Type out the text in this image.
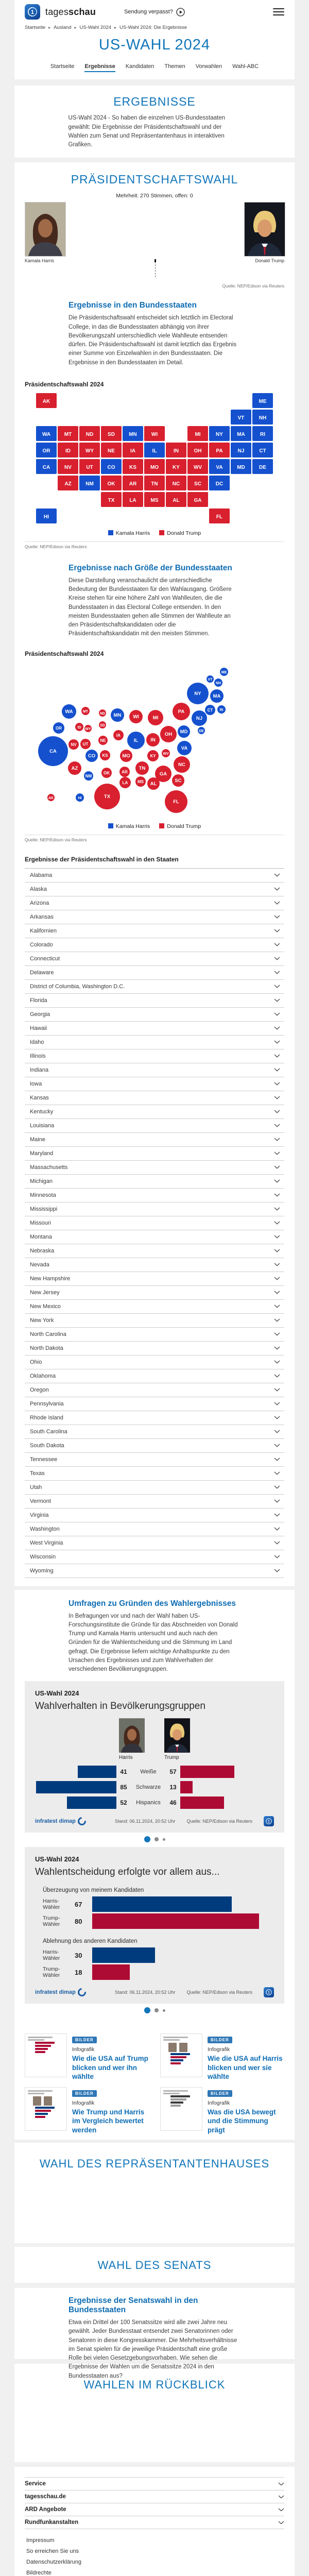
1 tagesschau	Sendung verpasst?
Startseite ▸ Ausland ▸ US-Wahl 2024 ▸ US-Wahl 2024: Die Ergebnisse
US-WAHL 2024
Startseite Ergebnisse Kandidaten Themen Vorwahlen Wahl-ABC
ERGEBNISSE

US-Wahl 2024 - So haben die einzelnen US-Bundesstaaten gewählt: Die Ergebnisse der Präsidentschaftswahl und der Wahlen zum Senat und Repräsentantenhaus in interaktiven Grafiken.

PRÄSIDENTSCHAFTSWAHL
Mehrheit: 270 Stimmen, offen: 0
Kamala Harris	Donald Trump
226	312
Quelle: NEP/Edison via Reuters
Ergebnisse in den Bundesstaaten

Die Präsidentschaftswahl entscheidet sich letztlich im Electoral College, in das die Bundesstaaten abhängig von ihrer Bevölkerungszahl unterschiedlich viele Wahlleute entsenden dürfen. Die Präsidentschaftswahl ist damit letztlich das Ergebnis einer Summe von Einzelwahlen in den Bundesstaaten. Die Ergebnisse in den Bundesstaaten im Detail.

Präsidentschaftswahl 2024
AK	ME
VT	NH
WA	MT	ND	SD	MN	WI	MI	NY	MA	RI
OR	ID	WY	NE	IA	IL	IN	OH	PA	NJ	CT
CA	NV	UT	CO	KS	MO	KY	WV	VA	MD	DE
AZ	NM	OK	AR	TN	NC	SC	DC
TX	LA	MS	AL	GA
HI	FL
Kamala Harris	Donald Trump
Quelle: NEP/Edison via Reuters
Ergebnisse nach Größe der Bundesstaaten

Diese Darstellung veranschaulicht die unterschiedliche Bedeutung der Bundesstaaten für den Wahlausgang. Größere Kreise stehen für eine höhere Zahl von Wahlleuten, die die Bundesstaaten in das Electoral College entsenden. In den meisten Bundesstaaten gehen alle Stimmen der Wahlleute an den Präsidentschaftskandidaten oder die Präsidentschaftskandidatin mit den meisten Stimmen.

Präsidentschaftswahl 2024
ME
VT
NH
NY MA
WA	MT
ND MN WI	MI
PA	CT RI
NJ
OR	ID WY
SD
OH MD	DE
IA
NE	IL	IN
CA
NV UT
VA
CO KS	MO	KY WV
NC
AZ	TN
GA
SC
OK	AR
NM
MS AL
LA
TX
FL
AK	HI
Kamala Harris	Donald Trump
Quelle: NEP/Edison via Reuters
Ergebnisse der Präsidentschaftswahl in den Staaten
Alabama
Alaska
Arizona
Arkansas
Kalifornien
Colorado
Connecticut
Delaware
District of Columbia, Washington D.C.
Florida
Georgia
Hawaii
Idaho
Illinois
Indiana
Iowa
Kansas
Kentucky
Louisiana
Maine
Maryland
Massachusetts
Michigan
Minnesota
Mississippi
Missouri
Montana
Nebraska
Nevada
New Hampshire
New Jersey
New Mexico
New York
North Carolina
North Dakota
Ohio
Oklahoma
Oregon
Pennsylvania
Rhode Island
South Carolina
South Dakota
Tennessee
Texas
Utah
Vermont
Virginia
Washington
West Virginia
Wisconsin
Wyoming
Umfragen zu Gründen des Wahlergebnisses

In Befragungen vor und nach der Wahl haben US-Forschungsinstitute die Gründe für das Abschneiden von Donald Trump und Kamala Harris untersucht und auch nach den Gründen für die Wahlentscheidung und die Stimmung im Land gefragt. Die Ergebnisse liefern wichtige Anhaltspunkte zu den Ursachen des Ergebnisses und zum Wahlverhalten der verschiedenen Bevölkerungsgruppen.

US-Wahl 2024
Wahlverhalten in Bevölkerungsgruppen
Harris	Trump
41	Weiße	57
85	Schwarze	13
52	Hispanics	46
infratest dimap	Stand: 06.11.2024, 20:52 Uhr Quelle: NEP/Edison via Reuters	1
US-Wahl 2024
Wahlentscheidung erfolgte vor allem aus...
Überzeugung von meinem Kandidaten
Harris-Wähler	67
Trump-Wähler	80
Ablehnung des anderen Kandidaten
Harris-Wähler	30
Trump-Wähler	18
infratest dimap	Stand: 06.11.2024, 20:52 Uhr Quelle: NEP/Edison via Reuters	1
BILDER
Infografik
Wie die USA auf Trump blicken und wer ihn wählte
BILDER
Infografik
Wie die USA auf Harris blicken und wer sie wählte
BILDER
Infografik
Wie Trump und Harris im Vergleich bewertet werden
BILDER
Infografik
Was die USA bewegt und die Stimmung prägt
WAHL DES REPRÄSENTANTENHAUSES
WAHL DES SENATS
Ergebnisse der Senatswahl in den Bundesstaaten

Etwa ein Drittel der 100 Senatssitze wird alle zwei Jahre neu gewählt. Jeder Bundesstaat entsendet zwei Senatorinnen oder Senatoren in diese Kongresskammer. Die Mehrheitsverhältnisse im Senat spielen für die jeweilige Präsidentschaft eine große Rolle bei vielen Gesetzgebungsvorhaben. Wie sehen die Ergebnisse der Wahlen um die Senatssitze 2024 in den Bundesstaaten aus?

WAHLEN IM RÜCKBLICK
Service
tagesschau.de
ARD Angebote
Rundfunkanstalten
Impressum
So erreichen Sie uns
Datenschutzerklärung
Bildrechte
